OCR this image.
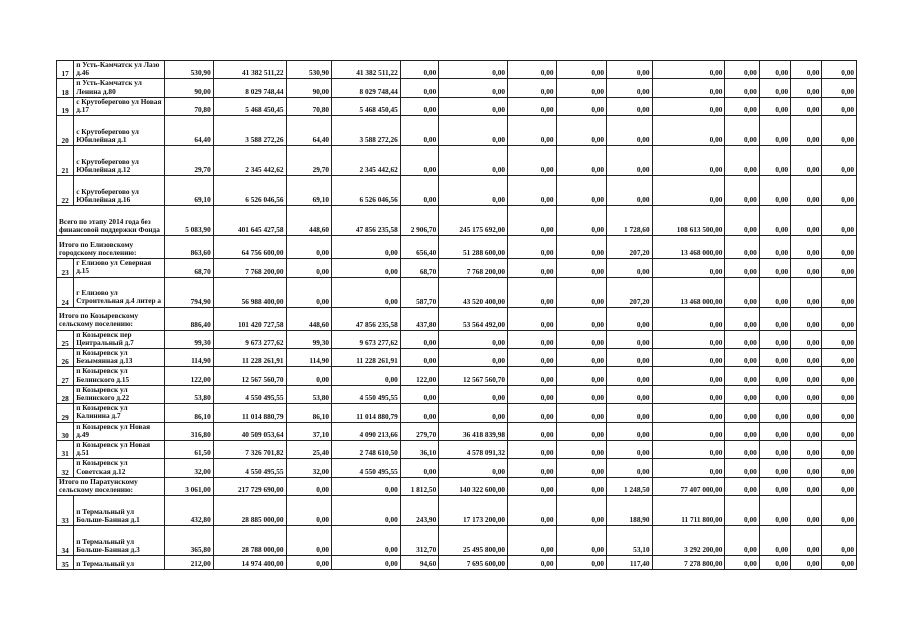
17	п Усть-Камчатск ул Лазо д.46	530,90	41 382 511,22	530,90	41 382 511,22	0,00	0,00	0,00	0,00	0,00	0,00	0,00	0,00	0,00	0,00
18	п Усть-Камчатск ул Ленина д.80	90,00	8 029 748,44	90,00	8 029 748,44	0,00	0,00	0,00	0,00	0,00	0,00	0,00	0,00	0,00	0,00
19	с Крутоберегово ул Новая д.17	70,80	5 468 450,45	70,80	5 468 450,45	0,00	0,00	0,00	0,00	0,00	0,00	0,00	0,00	0,00	0,00
20	с Крутоберегово ул Юбилейная д.1	64,40	3 588 272,26	64,40	3 588 272,26	0,00	0,00	0,00	0,00	0,00	0,00	0,00	0,00	0,00	0,00
21	с Крутоберегово ул Юбилейная д.12	29,70	2 345 442,62	29,70	2 345 442,62	0,00	0,00	0,00	0,00	0,00	0,00	0,00	0,00	0,00	0,00
22	с Крутоберегово ул Юбилейная д.16	69,10	6 526 046,56	69,10	6 526 046,56	0,00	0,00	0,00	0,00	0,00	0,00	0,00	0,00	0,00	0,00
Всего по этапу 2014 года без финансовой поддержки Фонда		5 083,90	401 645 427,58	448,60	47 856 235,58	2 906,70	245 175 692,00	0,00	0,00	1 728,60	108 613 500,00	0,00	0,00	0,00	0,00
Итого по Елизовскому городскому поселению:		863,60	64 756 600,00	0,00	0,00	656,40	51 288 600,00	0,00	0,00	207,20	13 468 000,00	0,00	0,00	0,00	0,00
23	г Елизово ул Северная д.15	68,70	7 768 200,00	0,00	0,00	68,70	7 768 200,00	0,00	0,00	0,00	0,00	0,00	0,00	0,00	0,00
24	г Елизово ул Строительная д.4 литер а	794,90	56 988 400,00	0,00	0,00	587,70	43 520 400,00	0,00	0,00	207,20	13 468 000,00	0,00	0,00	0,00	0,00
Итого по Козыревскому сельскому поселению:		886,40	101 420 727,58	448,60	47 856 235,58	437,80	53 564 492,00	0,00	0,00	0,00	0,00	0,00	0,00	0,00	0,00
25	п Козыревск пер Центральный д.7	99,30	9 673 277,62	99,30	9 673 277,62	0,00	0,00	0,00	0,00	0,00	0,00	0,00	0,00	0,00	0,00
26	п Козыревск ул Безымянная д.13	114,90	11 228 261,91	114,90	11 228 261,91	0,00	0,00	0,00	0,00	0,00	0,00	0,00	0,00	0,00	0,00
27	п Козыревск ул Белинского д.15	122,00	12 567 560,70	0,00	0,00	122,00	12 567 560,70	0,00	0,00	0,00	0,00	0,00	0,00	0,00	0,00
28	п Козыревск ул Белинского д.22	53,80	4 550 495,55	53,80	4 550 495,55	0,00	0,00	0,00	0,00	0,00	0,00	0,00	0,00	0,00	0,00
29	п Козыревск ул Калинина д.7	86,10	11 014 880,79	86,10	11 014 880,79	0,00	0,00	0,00	0,00	0,00	0,00	0,00	0,00	0,00	0,00
30	п Козыревск ул Новая д.49	316,80	40 509 053,64	37,10	4 090 213,66	279,70	36 418 839,98	0,00	0,00	0,00	0,00	0,00	0,00	0,00	0,00
31	п Козыревск ул Новая д.51	61,50	7 326 701,82	25,40	2 748 610,50	36,10	4 578 091,32	0,00	0,00	0,00	0,00	0,00	0,00	0,00	0,00
32	п Козыревск ул Советская д.12	32,00	4 550 495,55	32,00	4 550 495,55	0,00	0,00	0,00	0,00	0,00	0,00	0,00	0,00	0,00	0,00
Итого по Паратунскому сельскому поселению:		3 061,00	217 729 690,00	0,00	0,00	1 812,50	140 322 600,00	0,00	0,00	1 248,50	77 407 000,00	0,00	0,00	0,00	0,00
33	п Термальный ул Больше-Банная д.1	432,80	28 885 000,00	0,00	0,00	243,90	17 173 200,00	0,00	0,00	188,90	11 711 800,00	0,00	0,00	0,00	0,00
34	п Термальный ул Больше-Банная д.3	365,80	28 788 000,00	0,00	0,00	312,70	25 495 800,00	0,00	0,00	53,10	3 292 200,00	0,00	0,00	0,00	0,00
35	п Термальный ул	212,00	14 974 400,00	0,00	0,00	94,60	7 695 600,00	0,00	0,00	117,40	7 278 800,00	0,00	0,00	0,00	0,00
